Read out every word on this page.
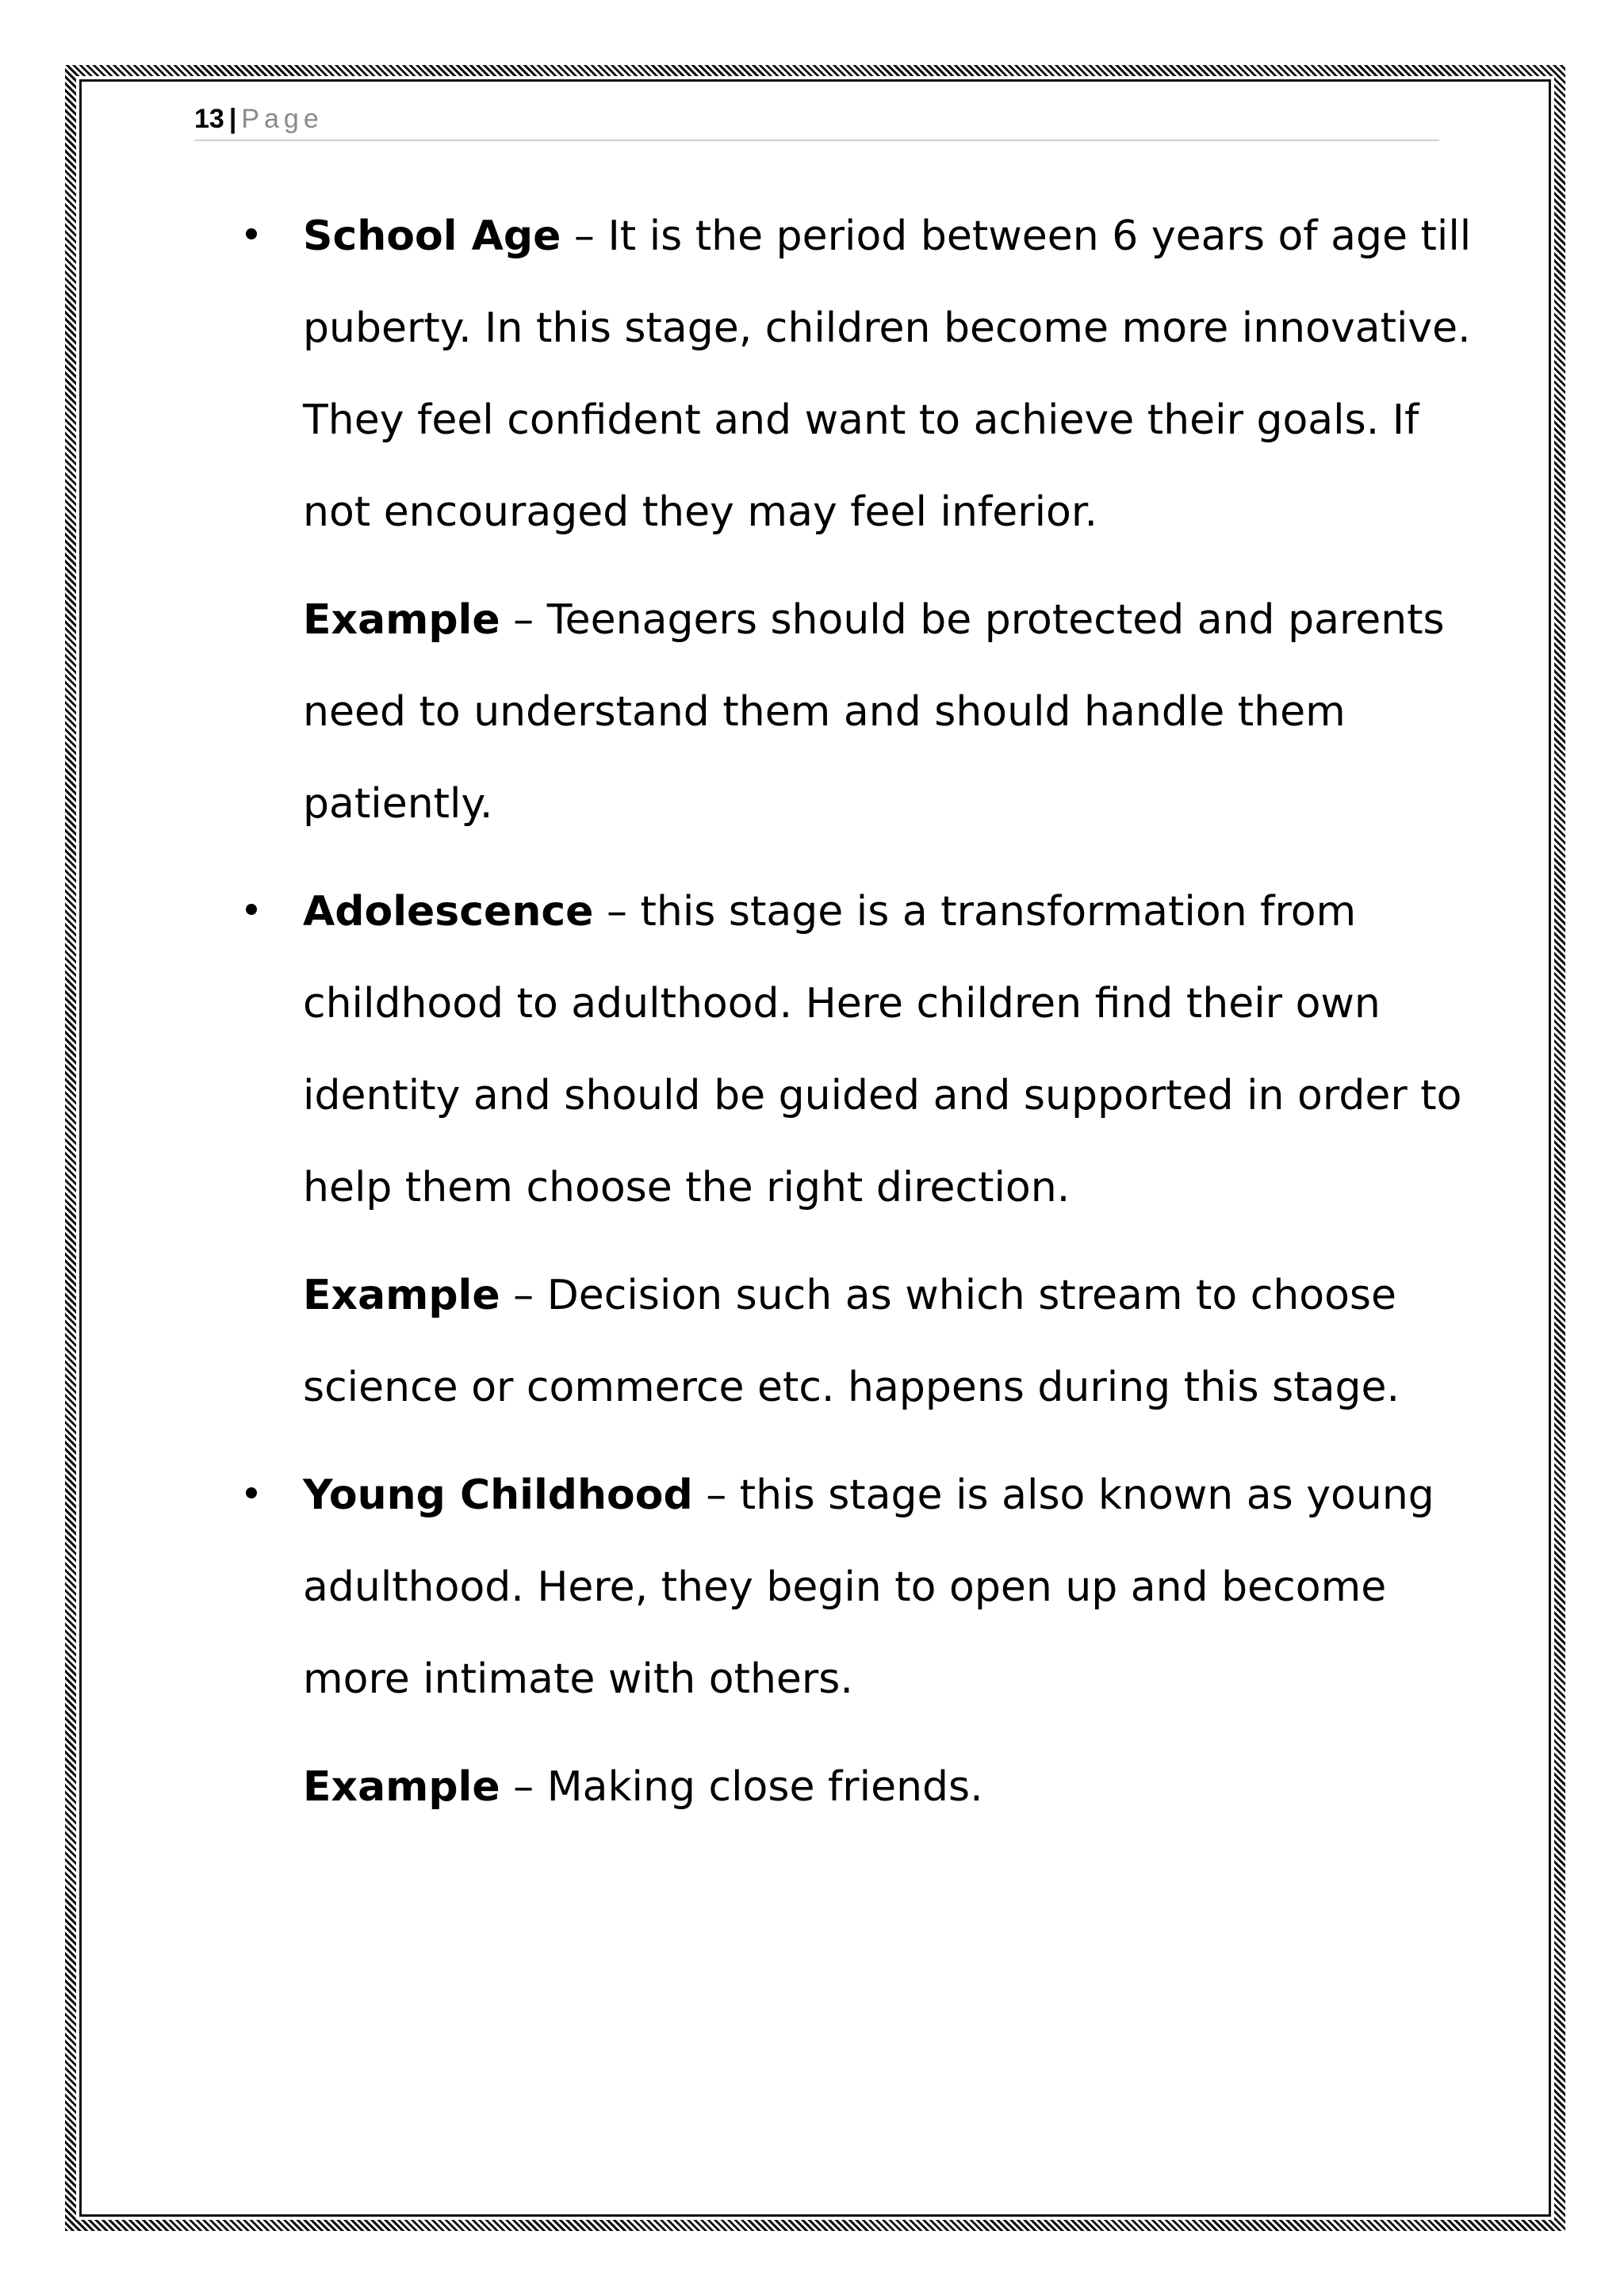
13 | Page

School Age – It is the period between 6 years of age till puberty. In this stage, children become more innovative. They feel confident and want to achieve their goals. If not encouraged they may feel inferior.

Example – Teenagers should be protected and parents need to understand them and should handle them patiently.

Adolescence – this stage is a transformation from childhood to adulthood. Here children find their own identity and should be guided and supported in order to help them choose the right direction.

Example – Decision such as which stream to choose science or commerce etc. happens during this stage.

Young Childhood – this stage is also known as young adulthood. Here, they begin to open up and become more intimate with others.

Example – Making close friends.
